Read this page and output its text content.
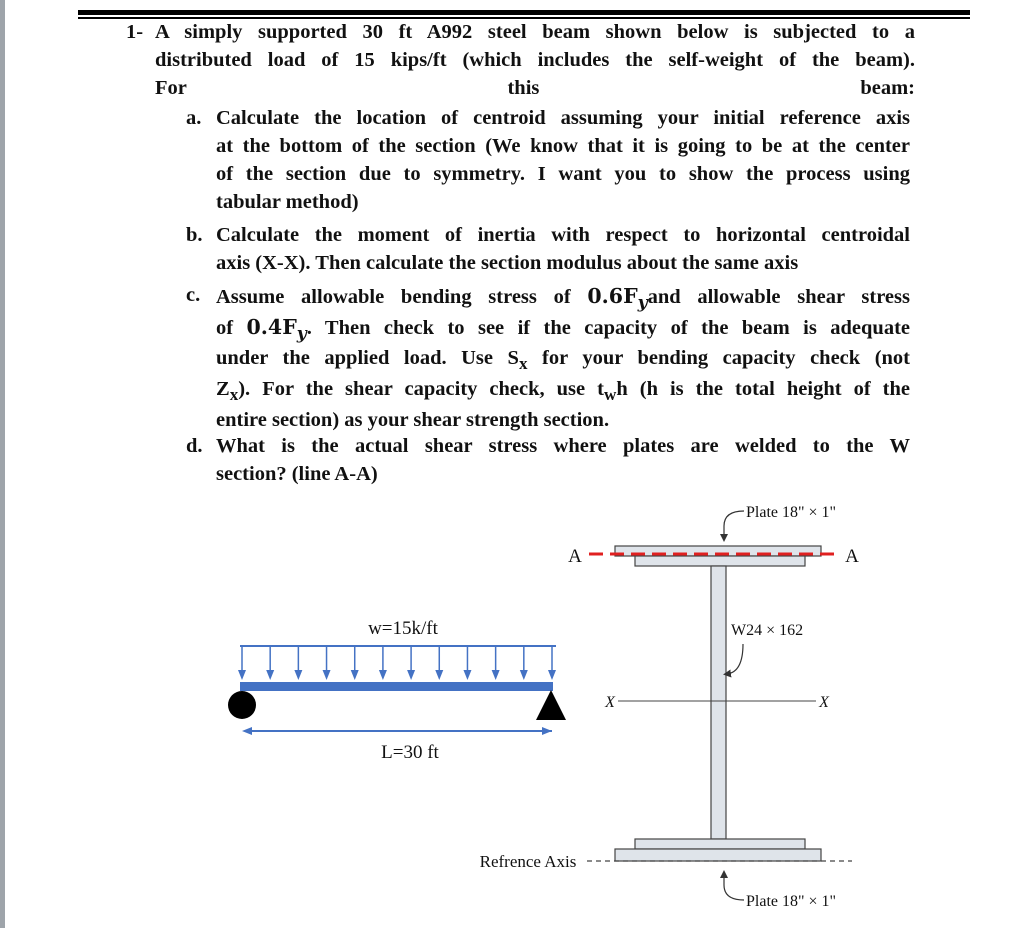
1- A simply supported 30 ft A992 steel beam shown below is subjected to a
distributed load of 15 kips/ft (which includes the self-weight of the beam).
For this beam:
a. Calculate the location of centroid assuming your initial reference axis
at the bottom of the section (We know that it is going to be at the center
of the section due to symmetry. I want you to show the process using
tabular method)
b. Calculate the moment of inertia with respect to horizontal centroidal
axis (X-X). Then calculate the section modulus about the same axis
c. Assume allowable bending stress of $0.6F_yand$ allowable shear stress
of $0.4F_y$. Then check to see if the capacity of the beam is adequate
under the applied load. Use $S_x$ for your bending capacity check (not
$Z_x$). For the shear capacity check, use $t_wh$ (h is the total height of the
entire section) as your shear strength section.
d. What is the actual shear stress where plates are welded to the W
section? (line A-A)
w=15k/ft
L=30 ft
A	A
X	X
Refrence Axis
Plate 18" × 1"
W24 × 162
Plate 18" × 1"
